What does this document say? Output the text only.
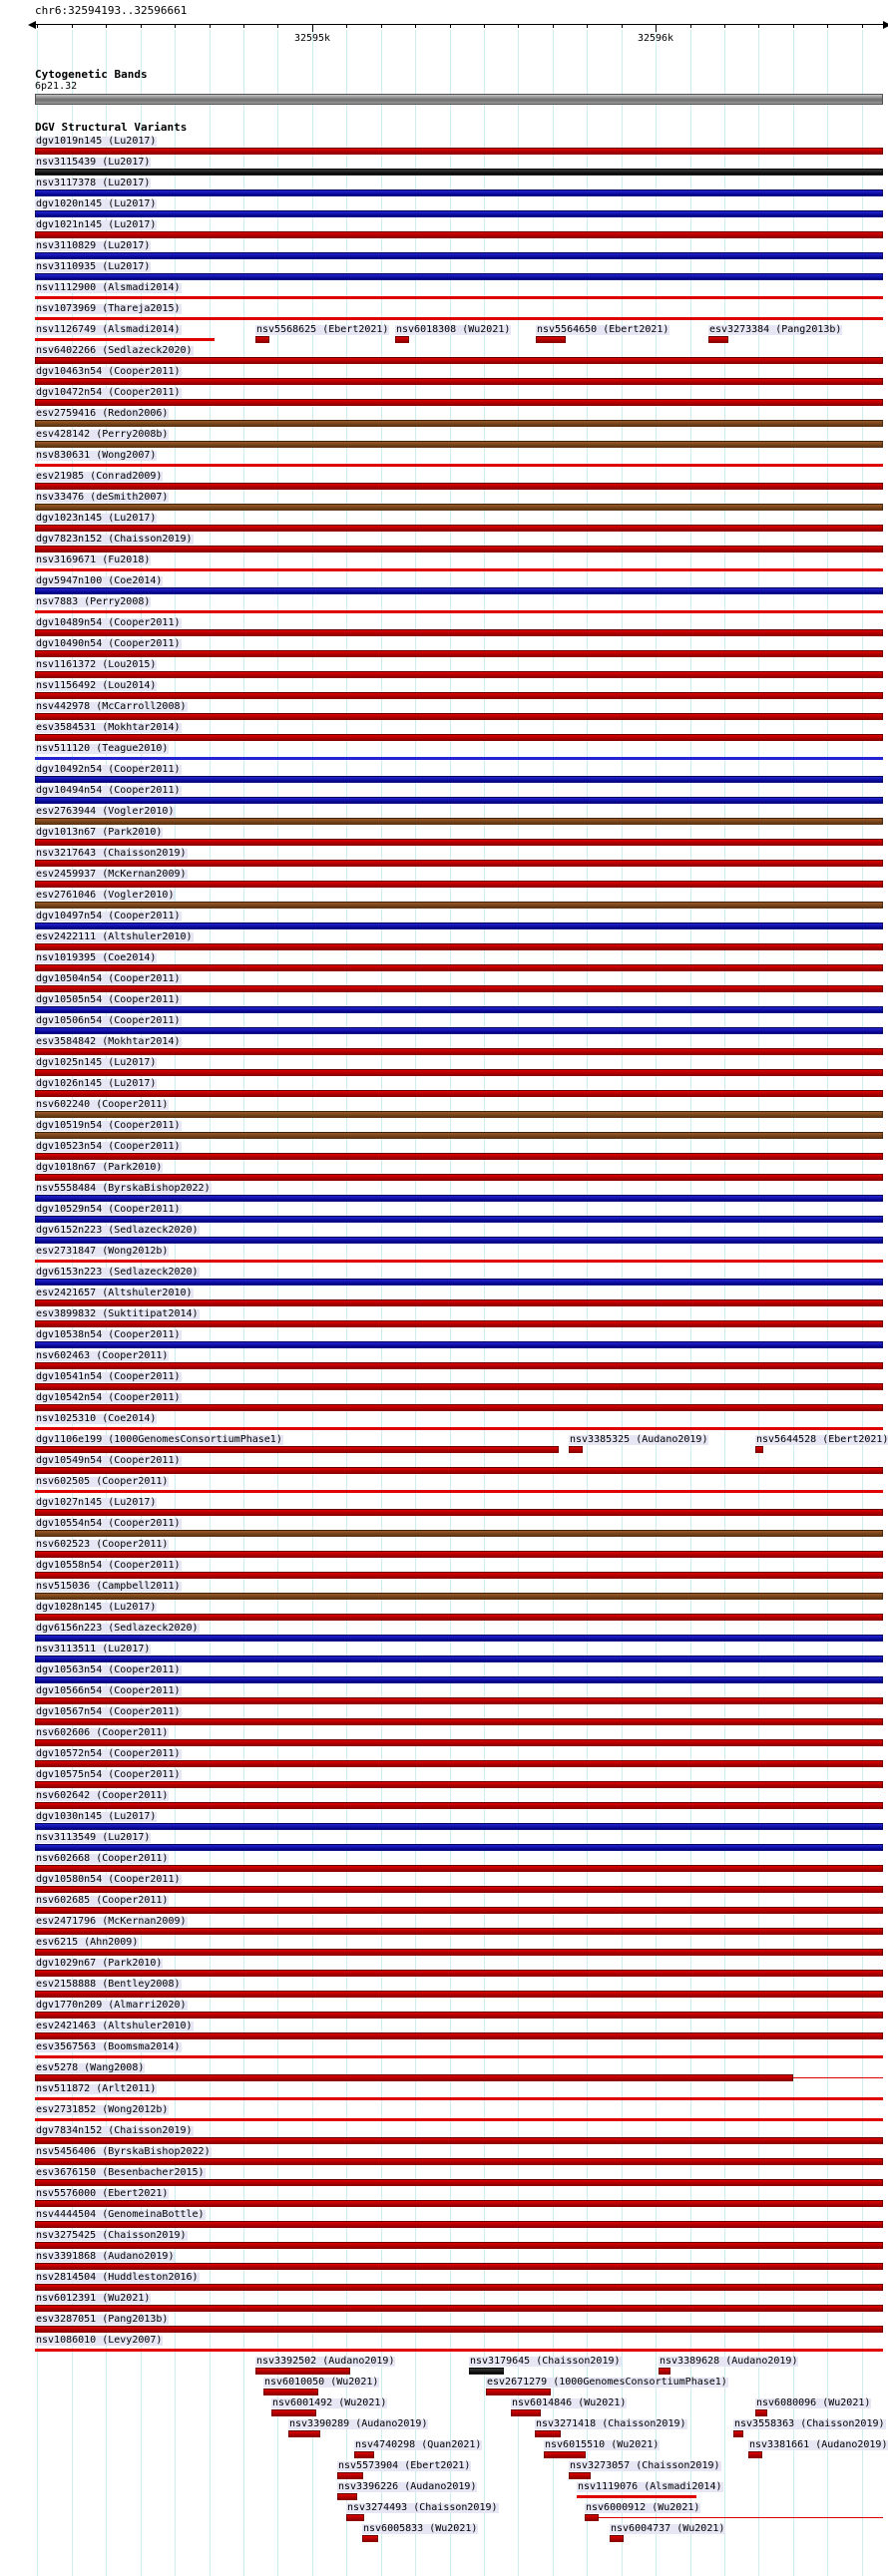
chr6:32594193..32596661
32595k	32596k
Cytogenetic Bands
6p21.32
DGV Structural Variants
dgv1019n145 (Lu2017)
nsv3115439 (Lu2017)
nsv3117378 (Lu2017)
dgv1020n145 (Lu2017)
dgv1021n145 (Lu2017)
nsv3110829 (Lu2017)
nsv3110935 (Lu2017)
nsv1112900 (Alsmadi2014)
nsv1073969 (Thareja2015)
nsv1126749 (Alsmadi2014)	nsv5568625 (Ebert2021) nsv6018308 (Wu2021)	nsv5564650 (Ebert2021)	esv3273384 (Pang2013b)
nsv6402266 (Sedlazeck2020)
dgv10463n54 (Cooper2011)
dgv10472n54 (Cooper2011)
esv2759416 (Redon2006)
esv428142 (Perry2008b)
nsv830631 (Wong2007)
esv21985 (Conrad2009)
nsv33476 (deSmith2007)
dgv1023n145 (Lu2017)
dgv7823n152 (Chaisson2019)
nsv3169671 (Fu2018)
dgv5947n100 (Coe2014)
nsv7883 (Perry2008)
dgv10489n54 (Cooper2011)
dgv10490n54 (Cooper2011)
nsv1161372 (Lou2015)
nsv1156492 (Lou2014)
nsv442978 (McCarroll2008)
esv3584531 (Mokhtar2014)
nsv511120 (Teague2010)
dgv10492n54 (Cooper2011)
dgv10494n54 (Cooper2011)
esv2763944 (Vogler2010)
dgv1013n67 (Park2010)
nsv3217643 (Chaisson2019)
esv2459937 (McKernan2009)
esv2761046 (Vogler2010)
dgv10497n54 (Cooper2011)
esv2422111 (Altshuler2010)
nsv1019395 (Coe2014)
dgv10504n54 (Cooper2011)
dgv10505n54 (Cooper2011)
dgv10506n54 (Cooper2011)
esv3584842 (Mokhtar2014)
dgv1025n145 (Lu2017)
dgv1026n145 (Lu2017)
nsv602240 (Cooper2011)
dgv10519n54 (Cooper2011)
dgv10523n54 (Cooper2011)
dgv1018n67 (Park2010)
nsv5558484 (ByrskaBishop2022)
dgv10529n54 (Cooper2011)
dgv6152n223 (Sedlazeck2020)
esv2731847 (Wong2012b)
dgv6153n223 (Sedlazeck2020)
esv2421657 (Altshuler2010)
esv3899832 (Suktitipat2014)
dgv10538n54 (Cooper2011)
nsv602463 (Cooper2011)
dgv10541n54 (Cooper2011)
dgv10542n54 (Cooper2011)
nsv1025310 (Coe2014)
dgv1106e199 (1000GenomesConsortiumPhase1)	nsv3385325 (Audano2019)	nsv5644528 (Ebert2021)
dgv10549n54 (Cooper2011)
nsv602505 (Cooper2011)
dgv1027n145 (Lu2017)
dgv10554n54 (Cooper2011)
nsv602523 (Cooper2011)
dgv10558n54 (Cooper2011)
nsv515036 (Campbell2011)
dgv1028n145 (Lu2017)
dgv6156n223 (Sedlazeck2020)
nsv3113511 (Lu2017)
dgv10563n54 (Cooper2011)
dgv10566n54 (Cooper2011)
dgv10567n54 (Cooper2011)
nsv602606 (Cooper2011)
dgv10572n54 (Cooper2011)
dgv10575n54 (Cooper2011)
nsv602642 (Cooper2011)
dgv1030n145 (Lu2017)
nsv3113549 (Lu2017)
nsv602668 (Cooper2011)
dgv10580n54 (Cooper2011)
nsv602685 (Cooper2011)
esv2471796 (McKernan2009)
esv6215 (Ahn2009)
dgv1029n67 (Park2010)
esv2158888 (Bentley2008)
dgv1770n209 (Almarri2020)
esv2421463 (Altshuler2010)
esv3567563 (Boomsma2014)
esv5278 (Wang2008)
nsv511872 (Arlt2011)
esv2731852 (Wong2012b)
dgv7834n152 (Chaisson2019)
nsv5456406 (ByrskaBishop2022)
esv3676150 (Besenbacher2015)
nsv5576000 (Ebert2021)
nsv4444504 (GenomeinaBottle)
nsv3275425 (Chaisson2019)
nsv3391868 (Audano2019)
nsv2814504 (Huddleston2016)
nsv6012391 (Wu2021)
esv3287051 (Pang2013b)
nsv1086010 (Levy2007)
nsv3392502 (Audano2019)	nsv3179645 (Chaisson2019)	nsv3389628 (Audano2019)
nsv6010050 (Wu2021)	esv2671279 (1000GenomesConsortiumPhase1)
nsv6001492 (Wu2021)	nsv6014846 (Wu2021)	nsv6080096 (Wu2021)
nsv3390289 (Audano2019)	nsv3271418 (Chaisson2019)	nsv3558363 (Chaisson2019)
nsv4740298 (Quan2021)	nsv6015510 (Wu2021)	nsv3381661 (Audano2019)
nsv5573904 (Ebert2021)	nsv3273057 (Chaisson2019)
nsv3396226 (Audano2019)	nsv1119076 (Alsmadi2014)
nsv3274493 (Chaisson2019)	nsv6000912 (Wu2021)
nsv6005833 (Wu2021)	nsv6004737 (Wu2021)
